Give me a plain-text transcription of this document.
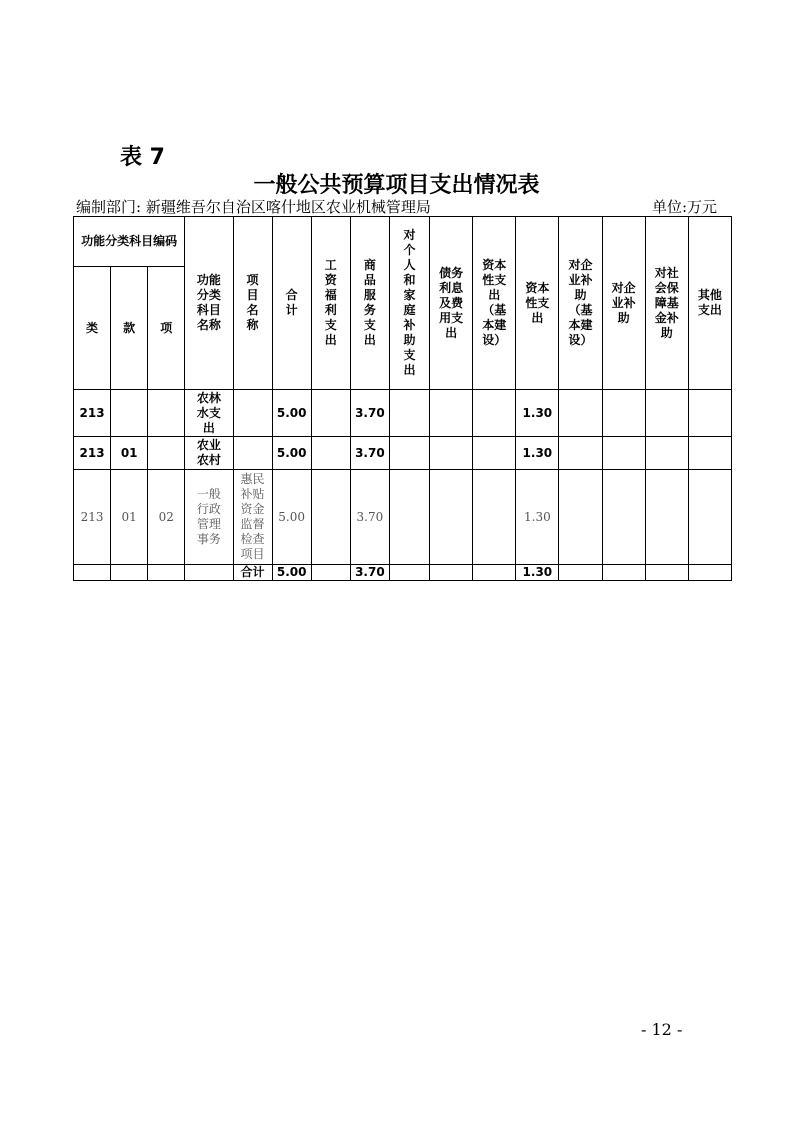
表 7
一般公共预算项目支出情况表
编制部门: 新疆维吾尔自治区喀什地区农业机械管理局	单位:万元
功能分类科目编码			功能分类科目名称	项目名称	合计	工资福利支出	商品服务支出	对个人和家庭补助支出	债务利息及费用支出	资本性支出（基本建设）	资本性支出	对企业补助（基本建设）	对企业补助	对社会保障基金补助	其他支出
类	款	项													
213			农林水支出		5.00		3.70				1.30				
213	01		农业农村		5.00		3.70				1.30				
213	01	02	一般行政管理事务	惠民补贴资金监督检查项目	5.00		3.70				1.30				
				合计	5.00		3.70				1.30				
- 12 -
